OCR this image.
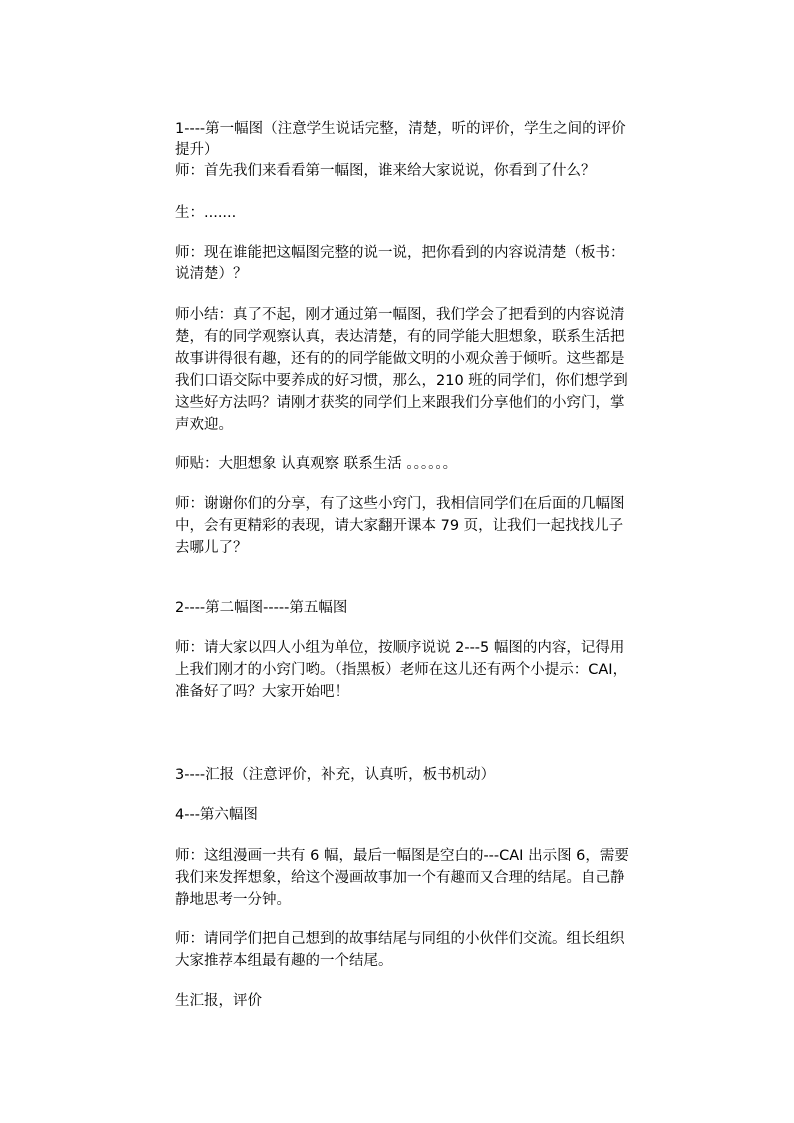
1----第一幅图（注意学生说话完整，清楚，听的评价，学生之间的评价
提升）
师：首先我们来看看第一幅图，谁来给大家说说，你看到了什么？
生：.......
师：现在谁能把这幅图完整的说一说，把你看到的内容说清楚（板书：
说清楚）？
师小结：真了不起，刚才通过第一幅图，我们学会了把看到的内容说清
楚，有的同学观察认真，表达清楚，有的同学能大胆想象，联系生活把
故事讲得很有趣，还有的的同学能做文明的小观众善于倾听。这些都是
我们口语交际中要养成的好习惯，那么，210 班的同学们，你们想学到
这些好方法吗？请刚才获奖的同学们上来跟我们分享他们的小窍门，掌
声欢迎。
师贴：大胆想象 认真观察 联系生活 。。。。。。
师：谢谢你们的分享，有了这些小窍门，我相信同学们在后面的几幅图
中，会有更精彩的表现，请大家翻开课本 79 页，让我们一起找找儿子
去哪儿了？
2----第二幅图-----第五幅图
师：请大家以四人小组为单位，按顺序说说 2---5 幅图的内容，记得用
上我们刚才的小窍门哟。（指黑板）老师在这儿还有两个小提示：CAI，
准备好了吗？大家开始吧！
3----汇报（注意评价，补充，认真听，板书机动）
4---第六幅图
师：这组漫画一共有 6 幅，最后一幅图是空白的---CAI 出示图 6，需要
我们来发挥想象，给这个漫画故事加一个有趣而又合理的结尾。自己静
静地思考一分钟。
师：请同学们把自己想到的故事结尾与同组的小伙伴们交流。组长组织
大家推荐本组最有趣的一个结尾。
生汇报，评价
